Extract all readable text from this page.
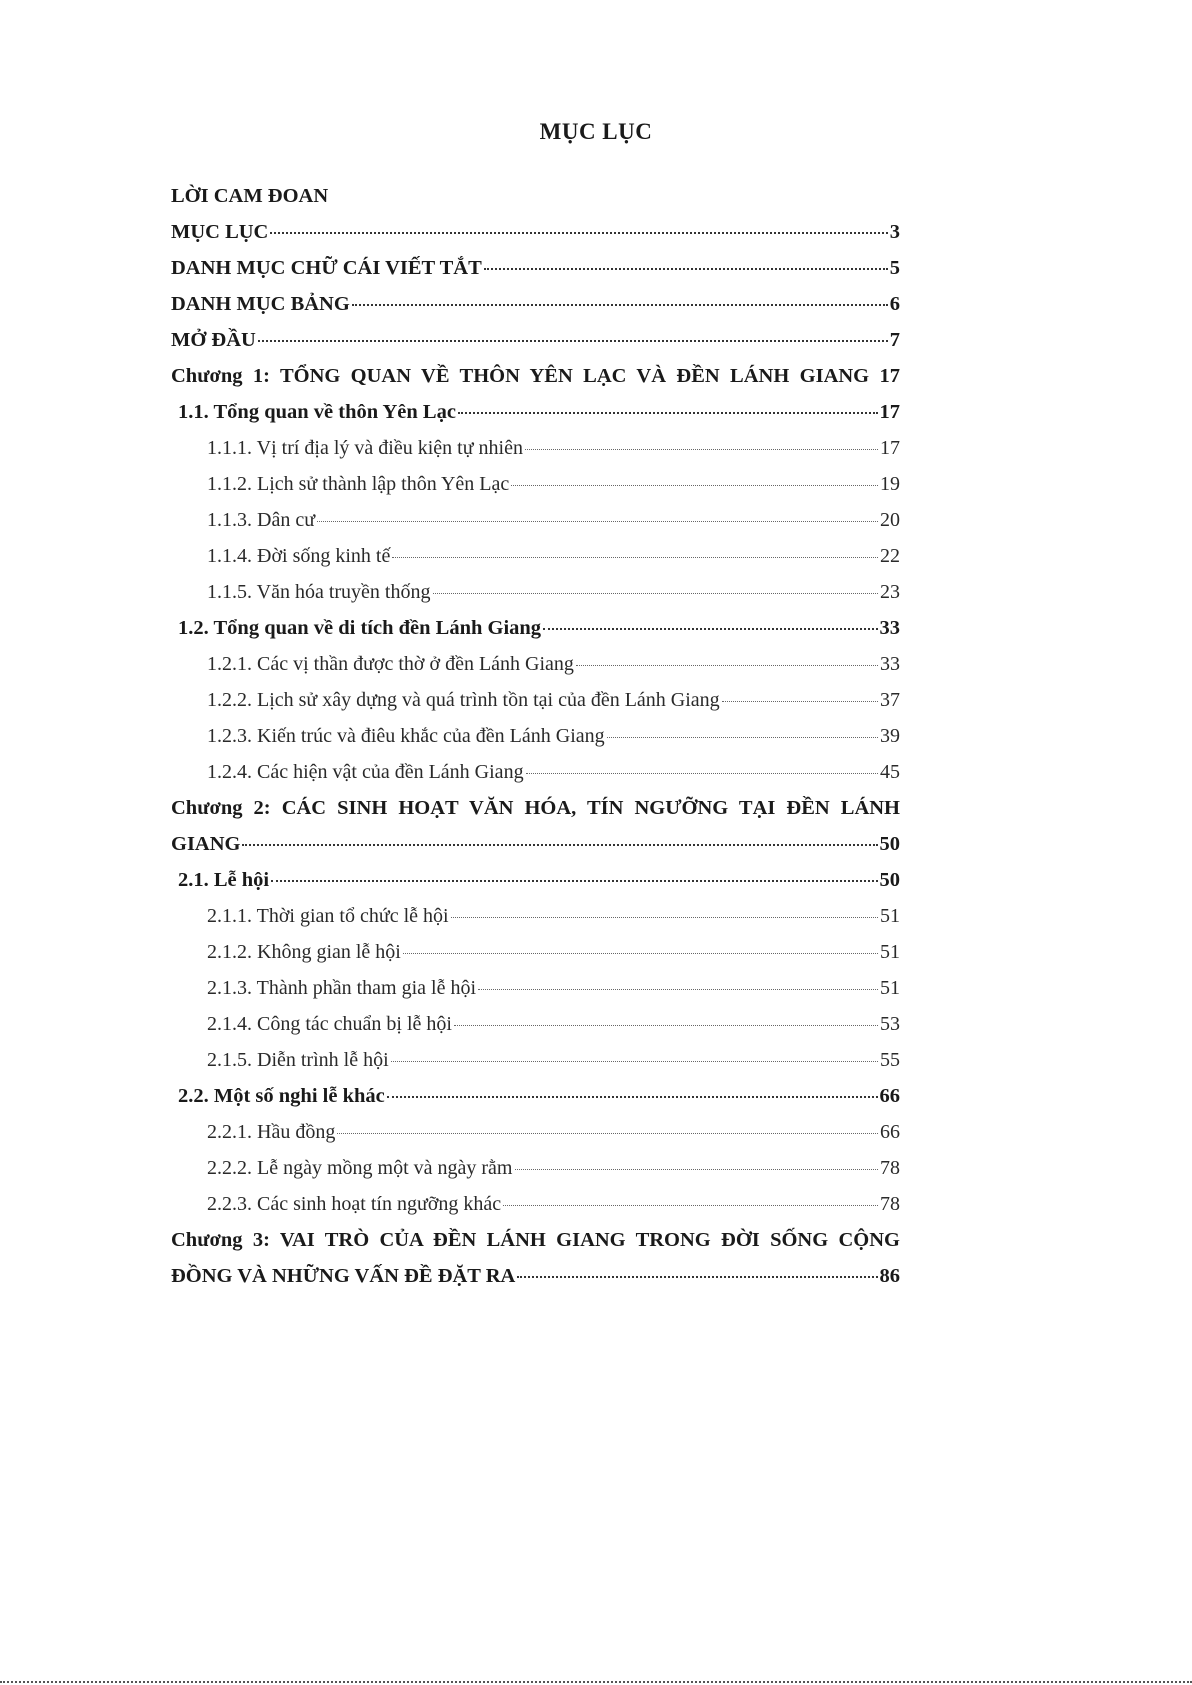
MỤC LỤC
LỜI CAM ĐOAN
MỤC LỤC	3
DANH MỤC CHỮ CÁI VIẾT TẮT	5
DANH MỤC BẢNG	6
MỞ ĐẦU	7
Chương 1: TỔNG QUAN VỀ THÔN YÊN LẠC VÀ ĐỀN LÁNH GIANG 17
1.1. Tổng quan về thôn Yên Lạc	17
1.1.1. Vị trí địa lý và điều kiện tự nhiên	17
1.1.2. Lịch sử thành lập thôn Yên Lạc	19
1.1.3. Dân cư	20
1.1.4. Đời sống kinh tế	22
1.1.5. Văn hóa truyền thống	23
1.2. Tổng quan về di tích đền Lánh Giang	33
1.2.1. Các vị thần được thờ ở đền Lánh Giang	33
1.2.2. Lịch sử xây dựng và quá trình tồn tại của đền Lánh Giang	37
1.2.3. Kiến trúc và điêu khắc của đền Lánh Giang	39
1.2.4. Các hiện vật của đền Lánh Giang	45
Chương 2: CÁC SINH HOẠT VĂN HÓA, TÍN NGƯỠNG TẠI ĐỀN LÁNH
GIANG	50
2.1. Lễ hội	50
2.1.1. Thời gian tổ chức lễ hội	51
2.1.2. Không gian lễ hội	51
2.1.3. Thành phần tham gia lễ hội	51
2.1.4. Công tác chuẩn bị lễ hội	53
2.1.5. Diễn trình lễ hội	55
2.2. Một số nghi lễ khác	66
2.2.1. Hầu đồng	66
2.2.2. Lễ ngày mồng một và ngày rằm	78
2.2.3. Các sinh hoạt tín ngưỡng khác	78
Chương 3: VAI TRÒ CỦA ĐỀN LÁNH GIANG TRONG ĐỜI SỐNG CỘNG
ĐỒNG VÀ NHỮNG VẤN ĐỀ ĐẶT RA	86
